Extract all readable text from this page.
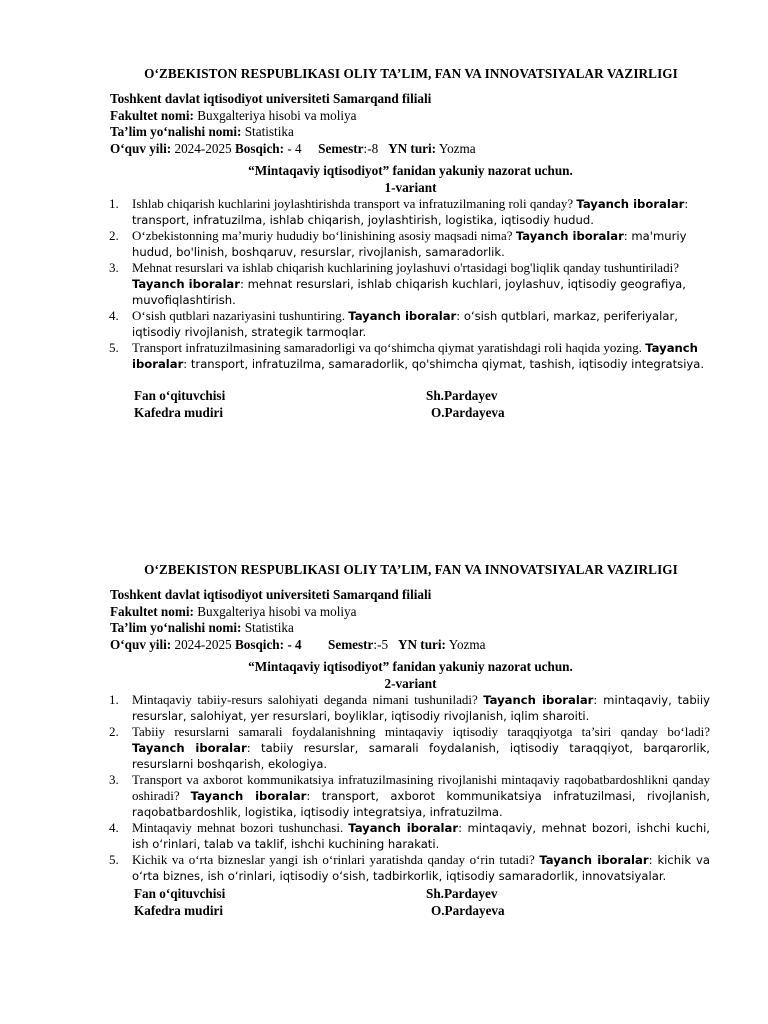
O‘ZBEKISTON RESPUBLIKASI OLIY TA’LIM, FAN VA INNOVATSIYALAR VAZIRLIGI
Toshkent davlat iqtisodiyot universiteti Samarqand filiali
Fakultet nomi: Buxgalteriya hisobi va moliya
Ta’lim yo‘nalishi nomi: Statistika
O‘quv yili: 2024-2025 Bosqich: - 4 Semestr:-8 YN turi: Yozma
“Mintaqaviy iqtisodiyot” fanidan yakuniy nazorat uchun.
1-variant
1. Ishlab chiqarish kuchlarini joylashtirishda transport va infratuzilmaning roli qanday? Tayanch iboralar: transport, infratuzilma, ishlab chiqarish, joylashtirish, logistika, iqtisodiy hudud.
2. O‘zbekistonning maʼmuriy hududiy bo‘linishining asosiy maqsadi nima? Tayanch iboralar: ma'muriy hudud, bo'linish, boshqaruv, resurslar, rivojlanish, samaradorlik.
3. Mehnat resurslari va ishlab chiqarish kuchlarining joylashuvi o'rtasidagi bog'liqlik qanday tushuntiriladi? Tayanch iboralar: mehnat resurslari, ishlab chiqarish kuchlari, joylashuv, iqtisodiy geografiya, muvofiqlashtirish.
4. O‘sish qutblari nazariyasini tushuntiring. Tayanch iboralar: o‘sish qutblari, markaz, periferiyalar, iqtisodiy rivojlanish, strategik tarmoqlar.
5. Transport infratuzilmasining samaradorligi va qo‘shimcha qiymat yaratishdagi roli haqida yozing. Tayanch iboralar: transport, infratuzilma, samaradorlik, qo'shimcha qiymat, tashish, iqtisodiy integratsiya.
Fan o‘qituvchisi	Sh.Pardayev
Kafedra mudiri	O.Pardayeva
O‘ZBEKISTON RESPUBLIKASI OLIY TA’LIM, FAN VA INNOVATSIYALAR VAZIRLIGI
Toshkent davlat iqtisodiyot universiteti Samarqand filiali
Fakultet nomi: Buxgalteriya hisobi va moliya
Ta’lim yo‘nalishi nomi: Statistika
O‘quv yili: 2024-2025 Bosqich: - 4 Semestr:-5 YN turi: Yozma
“Mintaqaviy iqtisodiyot” fanidan yakuniy nazorat uchun.
2-variant
1. Mintaqaviy tabiiy-resurs salohiyati deganda nimani tushuniladi? Tayanch iboralar: mintaqaviy, tabiiy resurslar, salohiyat, yer resurslari, boyliklar, iqtisodiy rivojlanish, iqlim sharoiti.
2. Tabiiy resurslarni samarali foydalanishning mintaqaviy iqtisodiy taraqqiyotga ta’siri qanday bo‘ladi? Tayanch iboralar: tabiiy resurslar, samarali foydalanish, iqtisodiy taraqqiyot, barqarorlik, resurslarni boshqarish, ekologiya.
3. Transport va axborot kommunikatsiya infratuzilmasining rivojlanishi mintaqaviy raqobatbardoshlikni qanday oshiradi? Tayanch iboralar: transport, axborot kommunikatsiya infratuzilmasi, rivojlanish, raqobatbardoshlik, logistika, iqtisodiy integratsiya, infratuzilma.
4. Mintaqaviy mehnat bozori tushunchasi. Tayanch iboralar: mintaqaviy, mehnat bozori, ishchi kuchi, ish o‘rinlari, talab va taklif, ishchi kuchining harakati.
5. Kichik va o‘rta bizneslar yangi ish o‘rinlari yaratishda qanday o‘rin tutadi? Tayanch iboralar: kichik va o‘rta biznes, ish o‘rinlari, iqtisodiy o‘sish, tadbirkorlik, iqtisodiy samaradorlik, innovatsiyalar.
Fan o‘qituvchisi	Sh.Pardayev
Kafedra mudiri	O.Pardayeva
